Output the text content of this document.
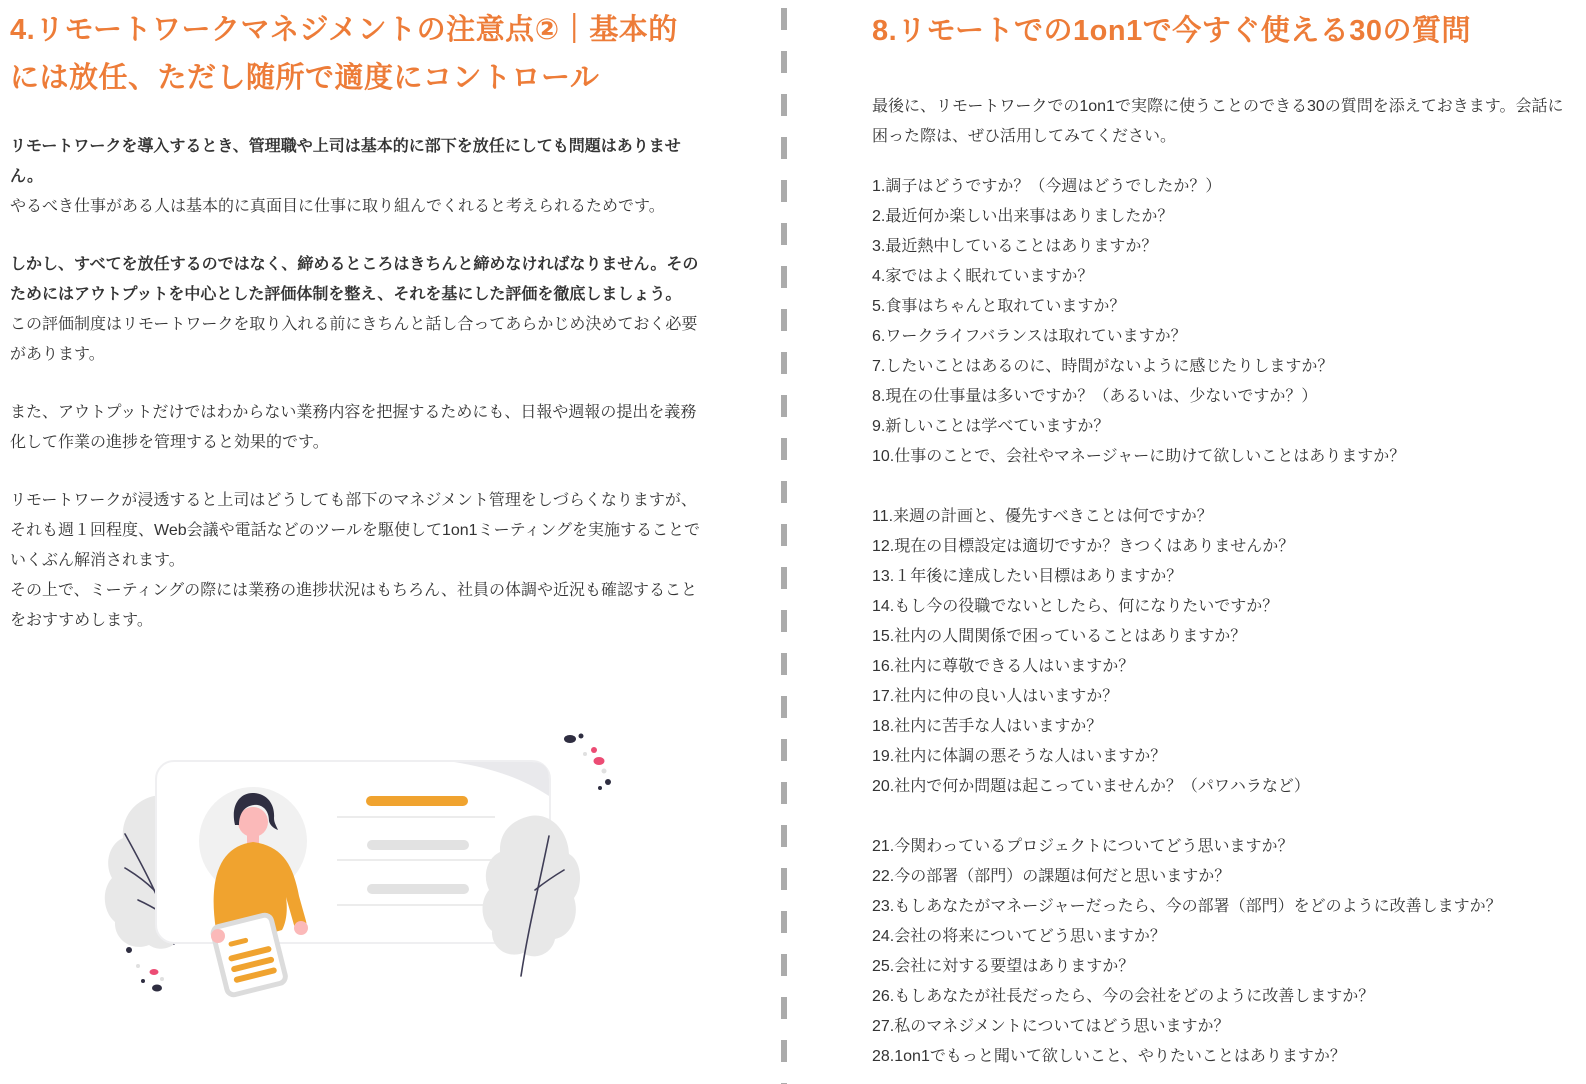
4.リモートワークマネジメントの注意点②｜基本的には放任、ただし随所で適度にコントロール

リモートワークを導入するとき、管理職や上司は基本的に部下を放任にしても問題はありません。

やるべき仕事がある人は基本的に真面目に仕事に取り組んでくれると考えられるためです。

しかし、すべてを放任するのではなく、締めるところはきちんと締めなければなりません。そのためにはアウトプットを中心とした評価体制を整え、それを基にした評価を徹底しましょう。

この評価制度はリモートワークを取り入れる前にきちんと話し合ってあらかじめ決めておく必要があります。

また、アウトプットだけではわからない業務内容を把握するためにも、日報や週報の提出を義務化して作業の進捗を管理すると効果的です。

リモートワークが浸透すると上司はどうしても部下のマネジメント管理をしづらくなりますが、それも週１回程度、Web会議や電話などのツールを駆使して1on1ミーティングを実施することでいくぶん解消されます。

その上で、ミーティングの際には業務の進捗状況はもちろん、社員の体調や近況も確認することをおすすめします。

8.リモートでの1on1で今すぐ使える30の質問

最後に、リモートワークでの1on1で実際に使うことのできる30の質問を添えておきます。会話に困った際は、ぜひ活用してみてください。

1.調子はどうですか？（今週はどうでしたか？）
2.最近何か楽しい出来事はありましたか？
3.最近熱中していることはありますか？
4.家ではよく眠れていますか？
5.食事はちゃんと取れていますか？
6.ワークライフバランスは取れていますか？
7.したいことはあるのに、時間がないように感じたりしますか？
8.現在の仕事量は多いですか？（あるいは、少ないですか？）
9.新しいことは学べていますか？
10.仕事のことで、会社やマネージャーに助けて欲しいことはありますか？
11.来週の計画と、優先すべきことは何ですか？
12.現在の目標設定は適切ですか？きつくはありませんか？
13.１年後に達成したい目標はありますか？
14.もし今の役職でないとしたら、何になりたいですか？
15.社内の人間関係で困っていることはありますか？
16.社内に尊敬できる人はいますか？
17.社内に仲の良い人はいますか？
18.社内に苦手な人はいますか？
19.社内に体調の悪そうな人はいますか？
20.社内で何か問題は起こっていませんか？（パワハラなど）
21.今関わっているプロジェクトについてどう思いますか？
22.今の部署（部門）の課題は何だと思いますか？
23.もしあなたがマネージャーだったら、今の部署（部門）をどのように改善しますか？
24.会社の将来についてどう思いますか？
25.会社に対する要望はありますか？
26.もしあなたが社長だったら、今の会社をどのように改善しますか？
27.私のマネジメントについてはどう思いますか？
28.1on1でもっと聞いて欲しいこと、やりたいことはありますか？
